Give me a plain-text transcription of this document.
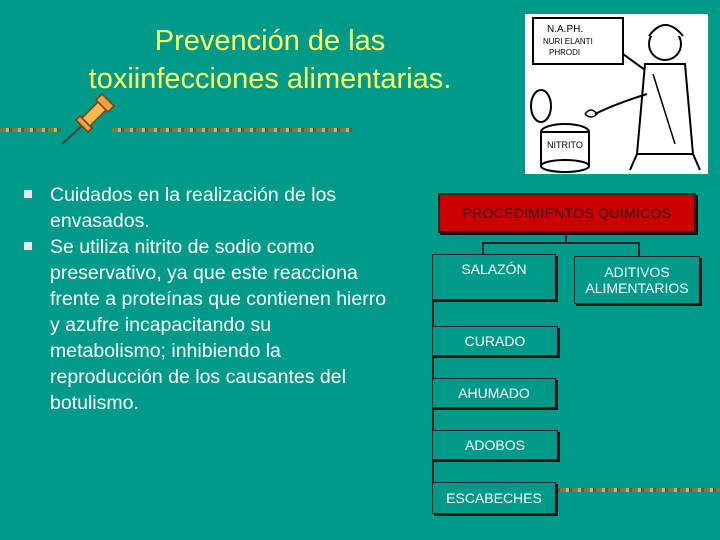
Prevención de las
toxiinfecciones alimentarias.
N.A.PH.
NURI ELANTI
PHRODI
NITRITO
Cuidados en la realización de los envasados.
Se utiliza nitrito de sodio como preservativo, ya que este reacciona frente a proteínas que contienen hierro y azufre incapacitando su metabolismo; inhibiendo la reproducción de los causantes del botulismo.
PROCEDIMIENTOS QUIMICOS
SALAZÓN	ADITIVOS
ALIMENTARIOS
CURADO
AHUMADO
ADOBOS
ESCABECHES
